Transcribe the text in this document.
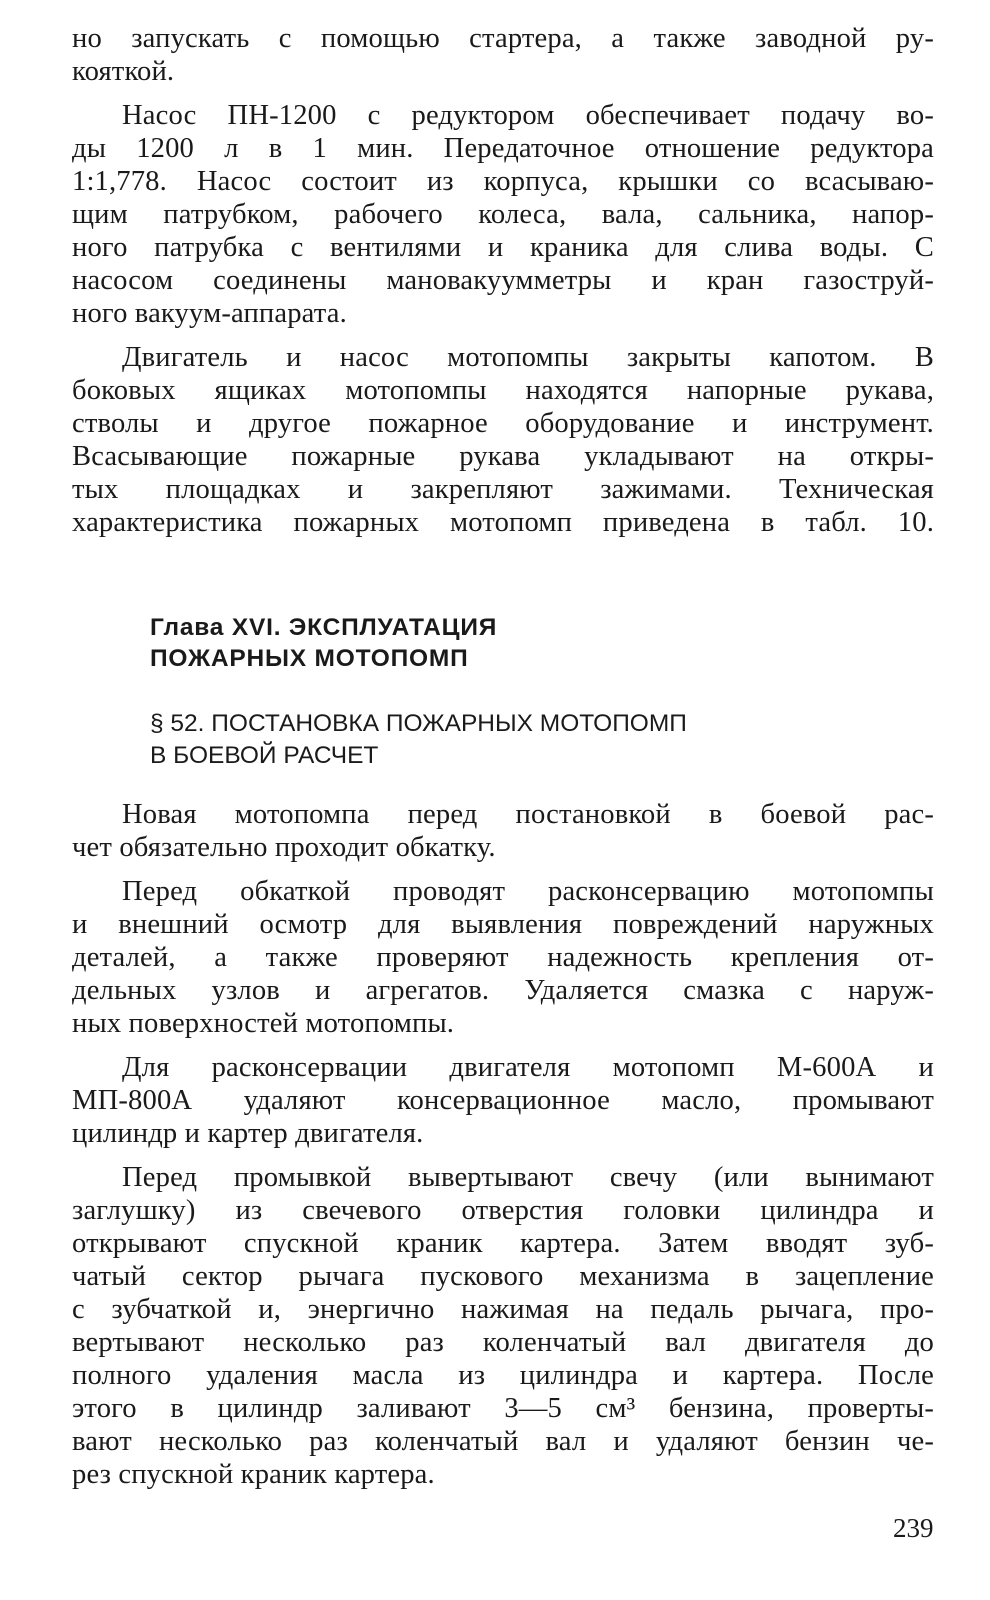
но запускать с помощью стартера, а также заводной ру-
кояткой.
Насос ПН-1200 с редуктором обеспечивает подачу во-
ды 1200 л в 1 мин. Передаточное отношение редуктора
1:1,778. Насос состоит из корпуса, крышки со всасываю-
щим патрубком, рабочего колеса, вала, сальника, напор-
ного патрубка с вентилями и краника для слива воды. С
насосом соединены мановакуумметры и кран газоструй-
ного вакуум-аппарата.
Двигатель и насос мотопомпы закрыты капотом. В
боковых ящиках мотопомпы находятся напорные рукава,
стволы и другое пожарное оборудование и инструмент.
Всасывающие пожарные рукава укладывают на откры-
тых площадках и закрепляют зажимами. Техническая
характеристика пожарных мотопомп приведена в табл. 10.
Глава XVI. ЭКСПЛУАТАЦИЯ
ПОЖАРНЫХ МОТОПОМП
§ 52. ПОСТАНОВКА ПОЖАРНЫХ МОТОПОМП
В БОЕВОЙ РАСЧЕТ
Новая мотопомпа перед постановкой в боевой рас-
чет обязательно проходит обкатку.
Перед обкаткой проводят расконсервацию мотопомпы
и внешний осмотр для выявления повреждений наружных
деталей, а также проверяют надежность крепления от-
дельных узлов и агрегатов. Удаляется смазка с наруж-
ных поверхностей мотопомпы.
Для расконсервации двигателя мотопомп М-600А и
МП-800А удаляют консервационное масло, промывают
цилиндр и картер двигателя.
Перед промывкой вывертывают свечу (или вынимают
заглушку) из свечевого отверстия головки цилиндра и
открывают спускной краник картера. Затем вводят зуб-
чатый сектор рычага пускового механизма в зацепление
с зубчаткой и, энергично нажимая на педаль рычага, про-
вертывают несколько раз коленчатый вал двигателя до
полного удаления масла из цилиндра и картера. После
этого в цилиндр заливают 3—5 см³ бензина, проверты-
вают несколько раз коленчатый вал и удаляют бензин че-
рез спускной краник картера.
239
